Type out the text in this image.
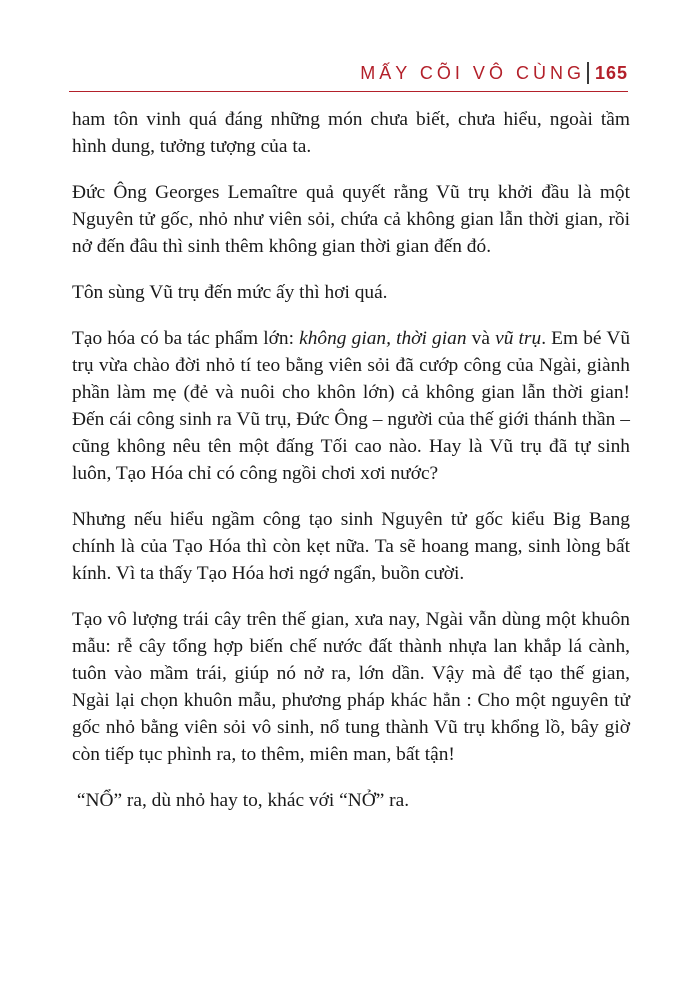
MẤY CÕI VÔ CÙNG 165

ham tôn vinh quá đáng những món chưa biết, chưa hiểu, ngoài tầm hình dung, tưởng tượng của ta.

Đức Ông Georges Lemaître quả quyết rằng Vũ trụ khởi đầu là một Nguyên tử gốc, nhỏ như viên sỏi, chứa cả không gian lẫn thời gian, rồi nở đến đâu thì sinh thêm không gian thời gian đến đó.

Tôn sùng Vũ trụ đến mức ấy thì hơi quá.

Tạo hóa có ba tác phẩm lớn: không gian, thời gian và vũ trụ. Em bé Vũ trụ vừa chào đời nhỏ tí teo bằng viên sỏi đã cướp công của Ngài, giành phần làm mẹ (đẻ và nuôi cho khôn lớn) cả không gian lẫn thời gian! Đến cái công sinh ra Vũ trụ, Đức Ông – người của thế giới thánh thần – cũng không nêu tên một đấng Tối cao nào. Hay là Vũ trụ đã tự sinh luôn, Tạo Hóa chỉ có công ngồi chơi xơi nước?

Nhưng nếu hiểu ngầm công tạo sinh Nguyên tử gốc kiểu Big Bang chính là của Tạo Hóa thì còn kẹt nữa. Ta sẽ hoang mang, sinh lòng bất kính. Vì ta thấy Tạo Hóa hơi ngớ ngẩn, buồn cười.

Tạo vô lượng trái cây trên thế gian, xưa nay, Ngài vẫn dùng một khuôn mẫu: rễ cây tổng hợp biến chế nước đất thành nhựa lan khắp lá cành, tuôn vào mầm trái, giúp nó nở ra, lớn dần. Vậy mà để tạo thế gian, Ngài lại chọn khuôn mẫu, phương pháp khác hẳn : Cho một nguyên tử gốc nhỏ bằng viên sỏi vô sinh, nổ tung thành Vũ trụ khổng lồ, bây giờ còn tiếp tục phình ra, to thêm, miên man, bất tận!

“NỔ” ra, dù nhỏ hay to, khác với “NỞ” ra.
